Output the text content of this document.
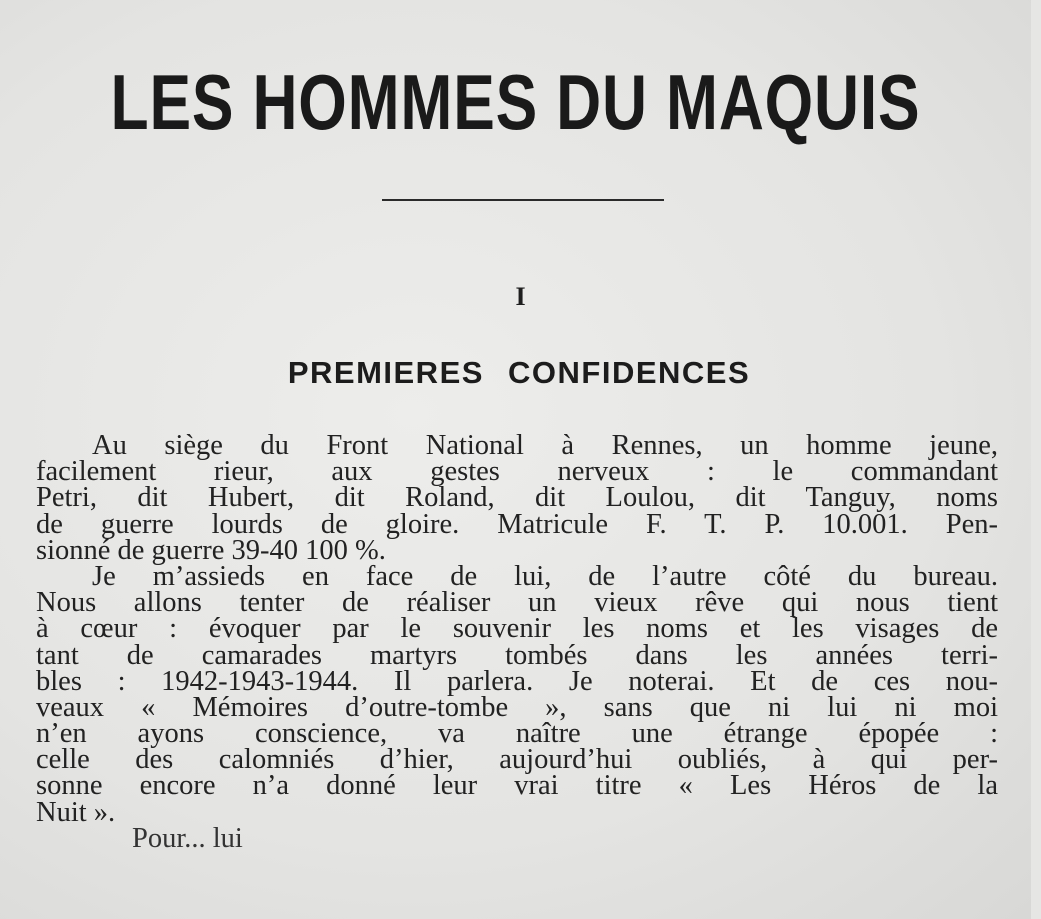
LES HOMMES DU MAQUIS
I
PREMIERES CONFIDENCES
Au siège du Front National à Rennes, un homme jeune,
facilement rieur, aux gestes nerveux : le commandant
Petri, dit Hubert, dit Roland, dit Loulou, dit Tanguy, noms
de guerre lourds de gloire. Matricule F. T. P. 10.001. Pen-
sionné de guerre 39-40 100 %.
Je m’assieds en face de lui, de l’autre côté du bureau.
Nous allons tenter de réaliser un vieux rêve qui nous tient
à cœur : évoquer par le souvenir les noms et les visages de
tant de camarades martyrs tombés dans les années terri-
bles : 1942-1943-1944. Il parlera. Je noterai. Et de ces nou-
veaux « Mémoires d’outre-tombe », sans que ni lui ni moi
n’en ayons conscience, va naître une étrange épopée :
celle des calomniés d’hier, aujourd’hui oubliés, à qui per-
sonne encore n’a donné leur vrai titre « Les Héros de la
Nuit ».
Pour... lui
